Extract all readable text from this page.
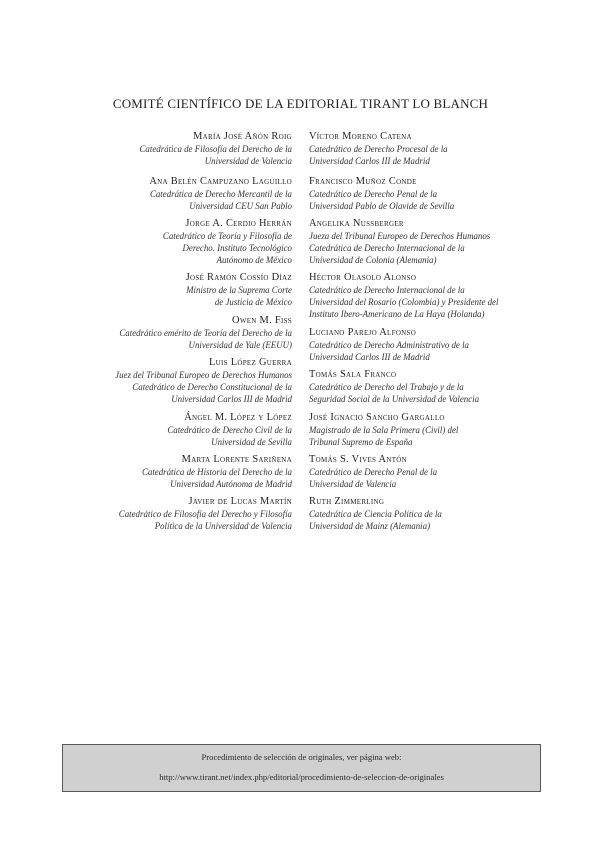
COMITÉ CIENTÍFICO DE LA EDITORIAL TIRANT LO BLANCH
María José Añón Roig
Catedrática de Filosofía del Derecho de la
Universidad de Valencia
Ana Belén Campuzano Laguillo
Catedrática de Derecho Mercantil de la
Universidad CEU San Pablo
Jorge A. Cerdio Herrán
Catedrático de Teoría y Filosofía de
Derecho. Instituto Tecnológico
Autónomo de México
José Ramón Cossío Díaz
Ministro de la Suprema Corte
de Justicia de México
Owen M. Fiss
Catedrático emérito de Teoría del Derecho de la
Universidad de Yale (EEUU)
Luis López Guerra
Juez del Tribunal Europeo de Derechos Humanos
Catedrático de Derecho Constitucional de la
Universidad Carlos III de Madrid
Ángel M. López y López
Catedrático de Derecho Civil de la
Universidad de Sevilla
Marta Lorente Sariñena
Catedrática de Historia del Derecho de la
Universidad Autónoma de Madrid
Javier de Lucas Martín
Catedrático de Filosofía del Derecho y Filosofía
Política de la Universidad de Valencia
Víctor Moreno Catena
Catedrático de Derecho Procesal de la
Universidad Carlos III de Madrid
Francisco Muñoz Conde
Catedrático de Derecho Penal de la
Universidad Pablo de Olavide de Sevilla
Angelika Nussberger
Jueza del Tribunal Europeo de Derechos Humanos
Catedrática de Derecho Internacional de la
Universidad de Colonia (Alemania)
Héctor Olasolo Alonso
Catedrático de Derecho Internacional de la
Universidad del Rosario (Colombia) y Presidente del
Instituto Ibero-Americano de La Haya (Holanda)
Luciano Parejo Alfonso
Catedrático de Derecho Administrativo de la
Universidad Carlos III de Madrid
Tomás Sala Franco
Catedrático de Derecho del Trabajo y de la
Seguridad Social de la Universidad de Valencia
José Ignacio Sancho Gargallo
Magistrado de la Sala Primera (Civil) del
Tribunal Supremo de España
Tomás S. Vives Antón
Catedrático de Derecho Penal de la
Universidad de Valencia
Ruth Zimmerling
Catedrática de Ciencia Política de la
Universidad de Mainz (Alemania)
Procedimiento de selección de originales, ver página web:
http://www.tirant.net/index.php/editorial/procedimiento-de-seleccion-de-originales
